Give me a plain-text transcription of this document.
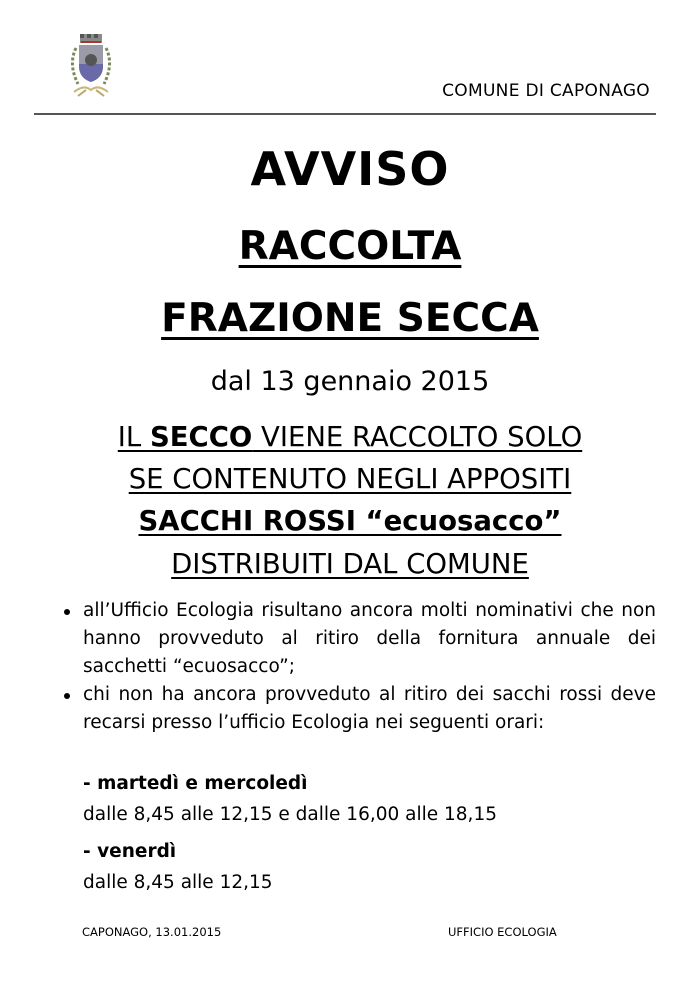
COMUNE DI CAPONAGO
AVVISO
RACCOLTA
FRAZIONE SECCA
dal 13 gennaio 2015
IL SECCO VIENE RACCOLTO SOLO
SE CONTENUTO NEGLI APPOSITI
SACCHI ROSSI “ecuosacco”
DISTRIBUITI DAL COMUNE
all’Ufficio Ecologia risultano ancora molti nominativi che non hanno provveduto al ritiro della fornitura annuale dei sacchetti “ecuosacco”;
chi non ha ancora provveduto al ritiro dei sacchi rossi deve recarsi presso l’ufficio Ecologia nei seguenti orari:
- martedì e mercoledì
dalle 8,45 alle 12,15 e dalle 16,00 alle 18,15
- venerdì
dalle 8,45 alle 12,15
CAPONAGO, 13.01.2015	UFFICIO ECOLOGIA
